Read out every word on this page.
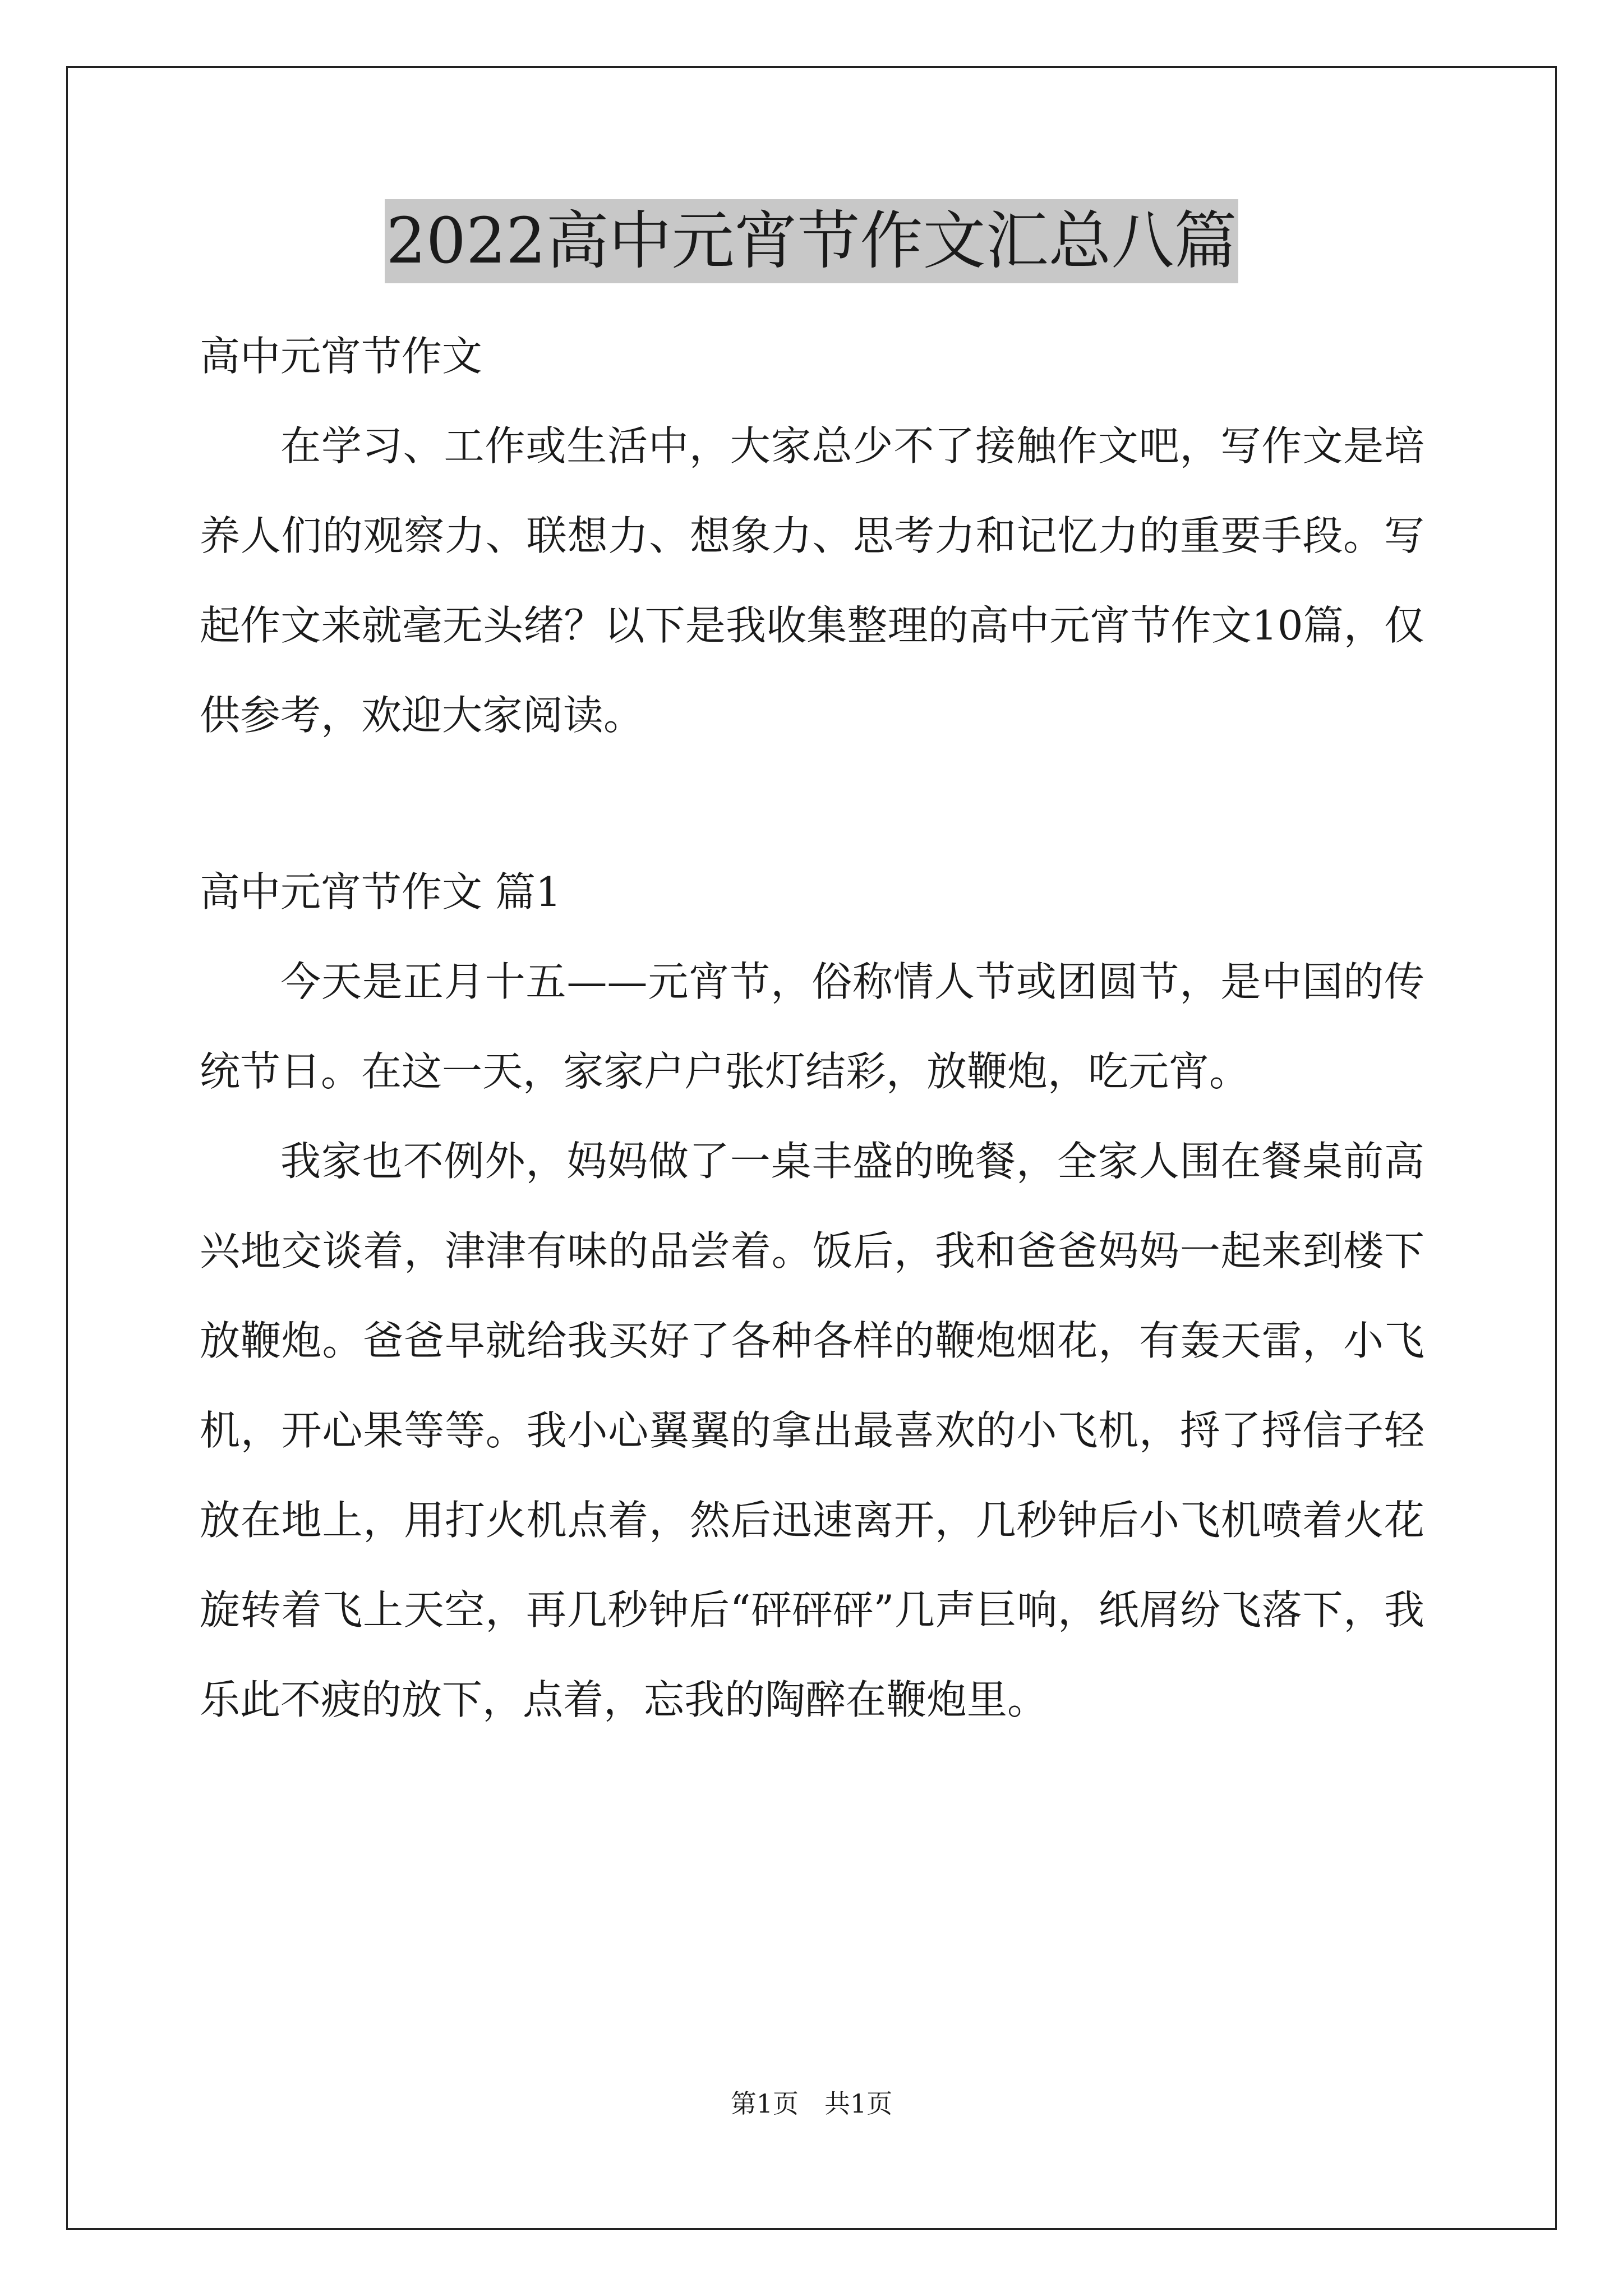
2022高中元宵节作文汇总八篇

高中元宵节作文

在学习、工作或生活中，大家总少不了接触作文吧，写作文是培养人们的观察力、联想力、想象力、思考力和记忆力的重要手段。写起作文来就毫无头绪？以下是我收集整理的高中元宵节作文10篇，仅供参考，欢迎大家阅读。

高中元宵节作文 篇1

今天是正月十五——元宵节，俗称情人节或团圆节，是中国的传统节日。在这一天，家家户户张灯结彩，放鞭炮，吃元宵。

我家也不例外，妈妈做了一桌丰盛的晚餐，全家人围在餐桌前高兴地交谈着，津津有味的品尝着。饭后，我和爸爸妈妈一起来到楼下放鞭炮。爸爸早就给我买好了各种各样的鞭炮烟花，有轰天雷，小飞机，开心果等等。我小心翼翼的拿出最喜欢的小飞机，捋了捋信子轻放在地上，用打火机点着，然后迅速离开，几秒钟后小飞机喷着火花旋转着飞上天空，再几秒钟后“砰砰砰”几声巨响，纸屑纷飞落下，我乐此不疲的放下，点着，忘我的陶醉在鞭炮里。

第1页　共1页
